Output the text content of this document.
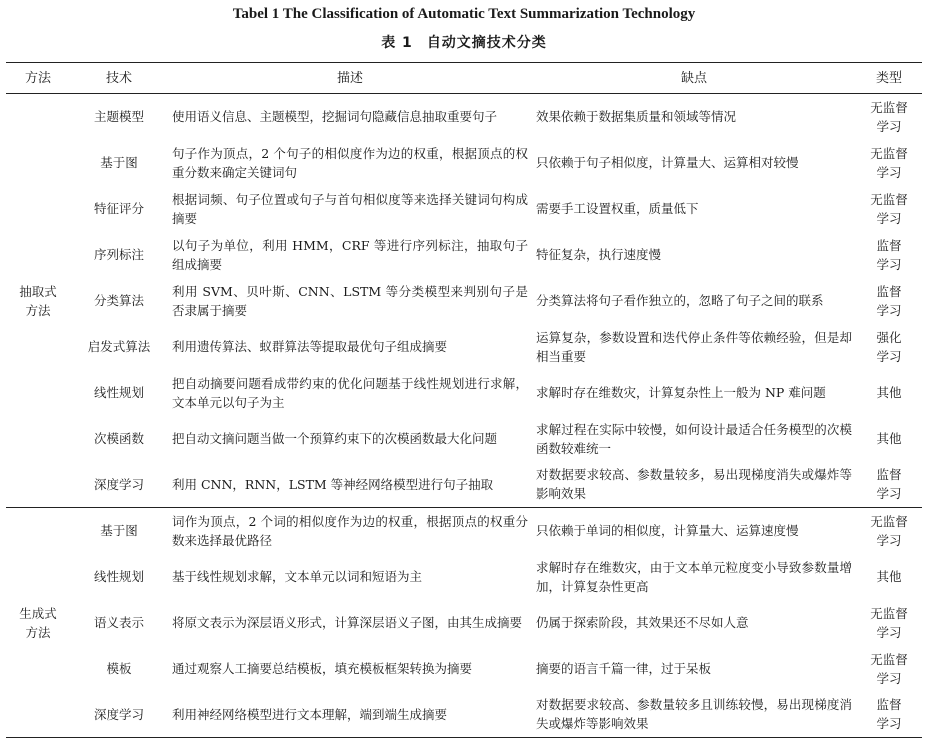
Tabel 1 The Classification of Automatic Text Summarization Technology
表 1 自动文摘技术分类
方法	技术	描述	缺点	类型
抽取式方法	主题模型	使用语义信息、主题模型，挖掘词句隐藏信息抽取重要句子	效果依赖于数据集质量和领域等情况	无监督学习
	基于图	句子作为顶点，2 个句子的相似度作为边的权重，根据顶点的权重分数来确定关键词句	只依赖于句子相似度，计算量大、运算相对较慢	无监督学习
	特征评分	根据词频、句子位置或句子与首句相似度等来选择关键词句构成摘要	需要手工设置权重，质量低下	无监督学习
	序列标注	以句子为单位，利用 HMM，CRF 等进行序列标注，抽取句子组成摘要	特征复杂，执行速度慢	监督学习
	分类算法	利用 SVM、贝叶斯、CNN、LSTM 等分类模型来判别句子是否隶属于摘要	分类算法将句子看作独立的，忽略了句子之间的联系	监督学习
	启发式算法	利用遗传算法、蚁群算法等提取最优句子组成摘要	运算复杂，参数设置和迭代停止条件等依赖经验，但是却相当重要	强化学习
	线性规划	把自动摘要问题看成带约束的优化问题基于线性规划进行求解，文本单元以句子为主	求解时存在维数灾，计算复杂性上一般为 NP 难问题	其他
	次模函数	把自动文摘问题当做一个预算约束下的次模函数最大化问题	求解过程在实际中较慢，如何设计最适合任务模型的次模函数较难统一	其他
	深度学习	利用 CNN，RNN，LSTM 等神经网络模型进行句子抽取	对数据要求较高、参数量较多，易出现梯度消失或爆炸等影响效果	监督学习
生成式方法	基于图	词作为顶点，2 个词的相似度作为边的权重，根据顶点的权重分数来选择最优路径	只依赖于单词的相似度，计算量大、运算速度慢	无监督学习
	线性规划	基于线性规划求解，文本单元以词和短语为主	求解时存在维数灾，由于文本单元粒度变小导致参数量增加，计算复杂性更高	其他
	语义表示	将原文表示为深层语义形式，计算深层语义子图，由其生成摘要	仍属于探索阶段，其效果还不尽如人意	无监督学习
	模板	通过观察人工摘要总结模板，填充模板框架转换为摘要	摘要的语言千篇一律，过于呆板	无监督学习
	深度学习	利用神经网络模型进行文本理解，端到端生成摘要	对数据要求较高、参数量较多且训练较慢，易出现梯度消失或爆炸等影响效果	监督学习
